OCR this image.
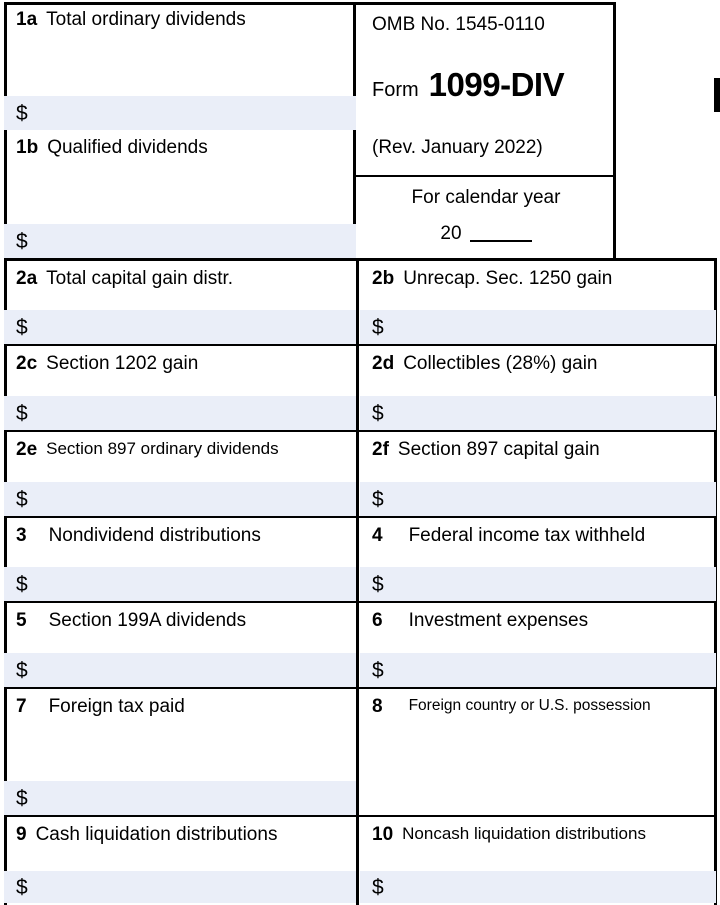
1a Total ordinary dividends
$
1b Qualified dividends
$
OMB No. 1545-0110
Form 1099-DIV
(Rev. January 2022)
For calendar year
20
2a Total capital gain distr.
$
2b Unrecap. Sec. 1250 gain
$
2c Section 1202 gain
$
2d Collectibles (28%) gain
$
2e Section 897 ordinary dividends
$
2f Section 897 capital gain
$
3 Nondividend distributions
$
4 Federal income tax withheld
$
5 Section 199A dividends
$
6 Investment expenses
$
7 Foreign tax paid
$
8 Foreign country or U.S. possession
9 Cash liquidation distributions
$
10 Noncash liquidation distributions
$
